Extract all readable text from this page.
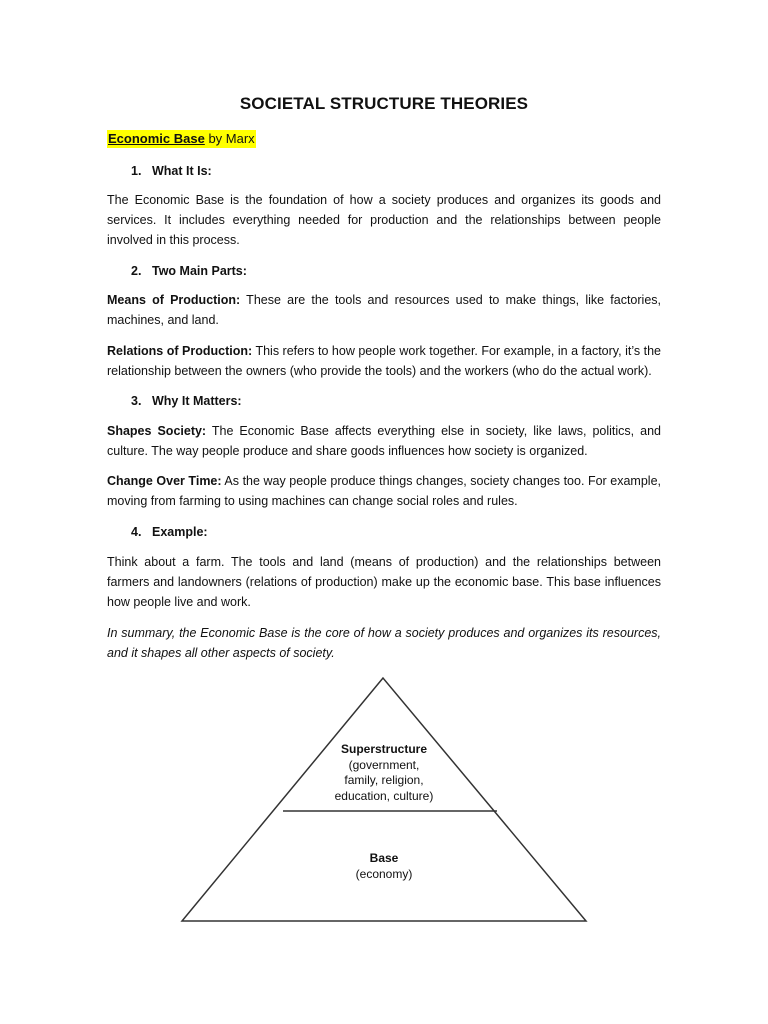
SOCIETAL STRUCTURE THEORIES
Economic Base by Marx
1. What It Is:
The Economic Base is the foundation of how a society produces and organizes its goods and services. It includes everything needed for production and the relationships between people involved in this process.
2. Two Main Parts:
Means of Production: These are the tools and resources used to make things, like factories, machines, and land.
Relations of Production: This refers to how people work together. For example, in a factory, it’s the relationship between the owners (who provide the tools) and the workers (who do the actual work).
3. Why It Matters:
Shapes Society: The Economic Base affects everything else in society, like laws, politics, and culture. The way people produce and share goods influences how society is organized.
Change Over Time: As the way people produce things changes, society changes too. For example, moving from farming to using machines can change social roles and rules.
4. Example:
Think about a farm. The tools and land (means of production) and the relationships between farmers and landowners (relations of production) make up the economic base. This base influences how people live and work.
In summary, the Economic Base is the core of how a society produces and organizes its resources, and it shapes all other aspects of society.
Superstructure
(government,
family, religion,
education, culture)
Base
(economy)
